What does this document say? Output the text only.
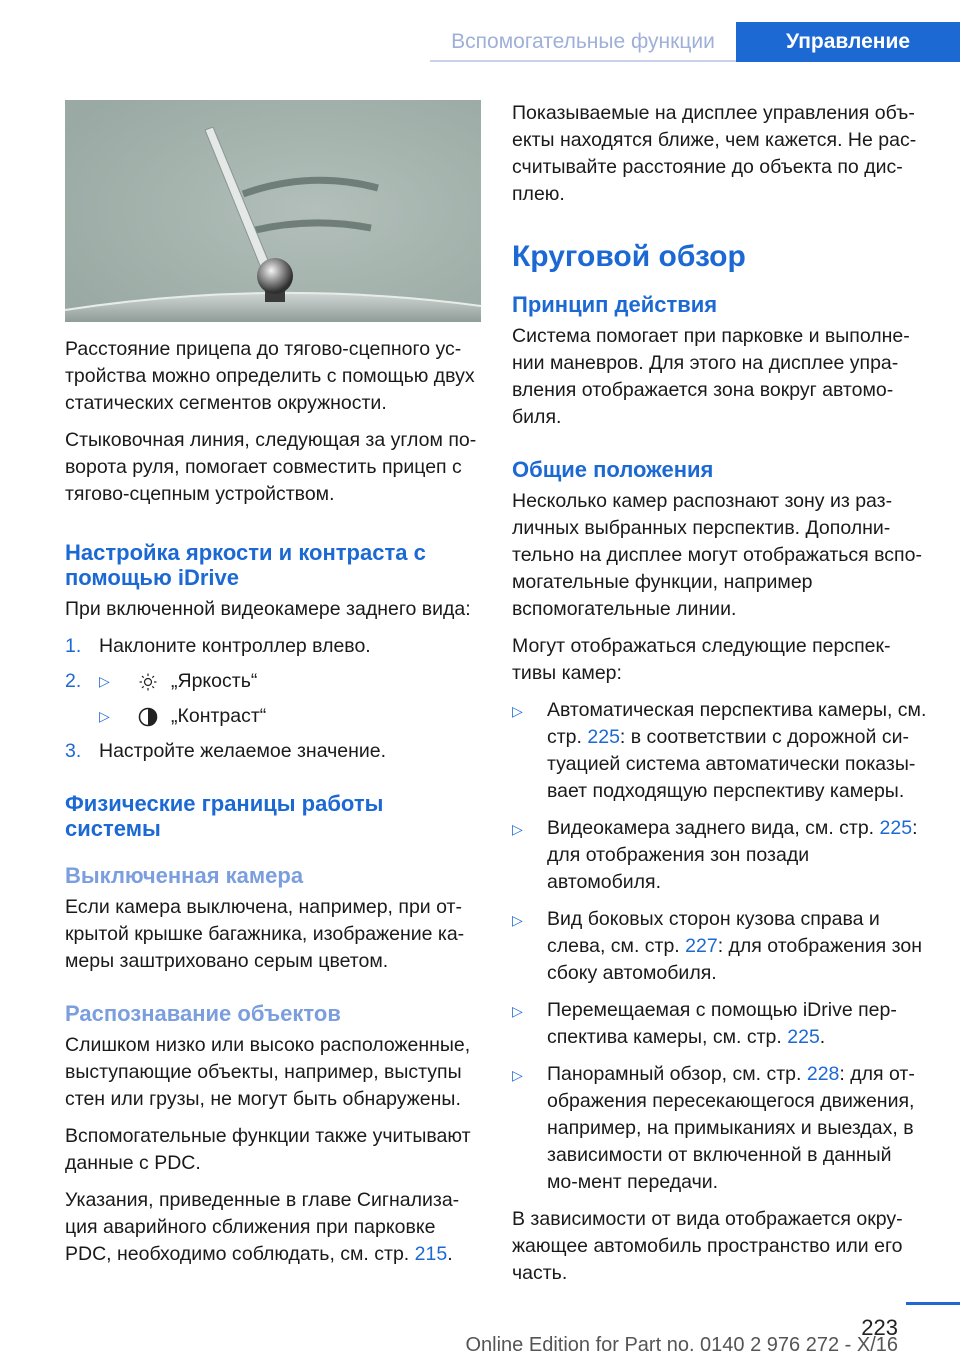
Вспомогательные функции	Управление

Расстояние прицепа до тягово-сцепного ус-тройства можно определить с помощью двух статических сегментов окружности.

Стыковочная линия, следующая за углом по-ворота руля, помогает совместить прицеп с тягово-сцепным устройством.

Настройка яркости и контраста с помощью iDrive

При включенной видеокамере заднего вида:

1. Наклоните контроллер влево.
2.	▷	„Яркость“
▷	„Контраст“
3. Настройте желаемое значение.
Физические границы работы системы
Выключенная камера

Если камера выключена, например, при от-крытой крышке багажника, изображение ка-меры заштриховано серым цветом.

Распознавание объектов

Слишком низко или высоко расположенные, выступающие объекты, например, выступы стен или грузы, не могут быть обнаружены.

Вспомогательные функции также учитывают данные с PDC.

Указания, приведенные в главе Сигнализа-ция аварийного сближения при парковке PDC, необходимо соблюдать, см. стр. 215.

Показываемые на дисплее управления объ-екты находятся ближе, чем кажется. Не рас-считывайте расстояние до объекта по дис-плею.

Круговой обзор
Принцип действия

Система помогает при парковке и выполне-нии маневров. Для этого на дисплее упра-вления отображается зона вокруг автомо-биля.

Общие положения

Несколько камер распознают зону из раз-личных выбранных перспектив. Дополни-тельно на дисплее могут отображаться вспо-могательные функции, например вспомогательные линии.

Могут отображаться следующие перспек-тивы камер:

▷	Автоматическая перспектива камеры, см. стр. 225: в соответствии с дорожной си-туацией система автоматически показы-вает подходящую перспективу камеры.
▷	Видеокамера заднего вида, см. стр. 225: для отображения зон позади автомобиля.
▷	Вид боковых сторон кузова справа и слева, см. стр. 227: для отображения зон сбоку автомобиля.
▷	Перемещаемая с помощью iDrive пер-спектива камеры, см. стр. 225.
▷	Панорамный обзор, см. стр. 228: для от-ображения пересекающегося движения, например, на примыканиях и выездах, в зависимости от включенной в данный мо-мент передачи.

В зависимости от вида отображается окру-жающее автомобиль пространство или его часть.

223
Online Edition for Part no. 0140 2 976 272 - X/16
